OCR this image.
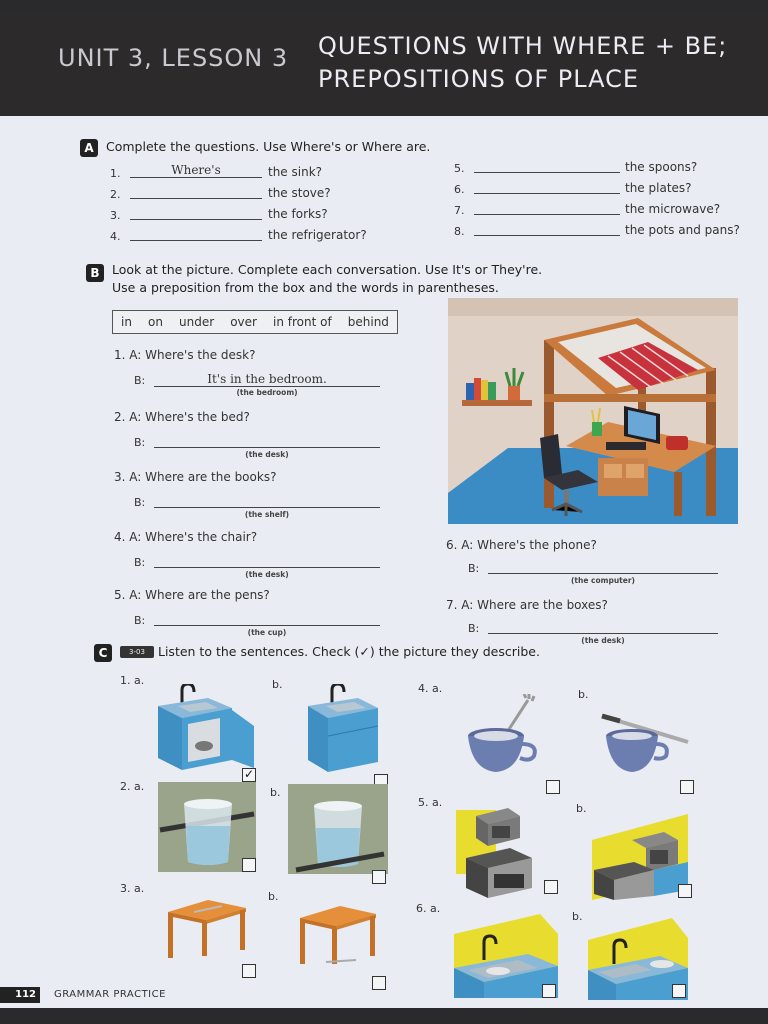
UNIT 3, LESSON 3 QUESTIONS WITH WHERE + BE;
PREPOSITIONS OF PLACE
A Complete the questions. Use Where's or Where are.
1.	Where's	the sink?
2.	the stove?
3.	the forks?
4.	the refrigerator?
5.	the spoons?
6.	the plates?
7.	the microwave?
8.	the pots and pans?
B Look at the picture. Complete each conversation. Use It's or They're.
Use a preposition from the box and the words in parentheses.
in on under over in front of behind
1. A: Where's the desk?
B:	It's in the bedroom.
(the bedroom)
2. A: Where's the bed?
B:
(the desk)
3. A: Where are the books?
B:
(the shelf)
4. A: Where's the chair?
B:
(the desk)
5. A: Where are the pens?
B:
(the cup)
6. A: Where's the phone?
B:
(the computer)
7. A: Where are the boxes?
B:
(the desk)
C	3-03	Listen to the sentences. Check (✓) the picture they describe.
1. a.	b.
✓
4. a.	b.
2. a.	b.
5. a.	b.
3. a.
b.
6. a.
b.
112	GRAMMAR PRACTICE
